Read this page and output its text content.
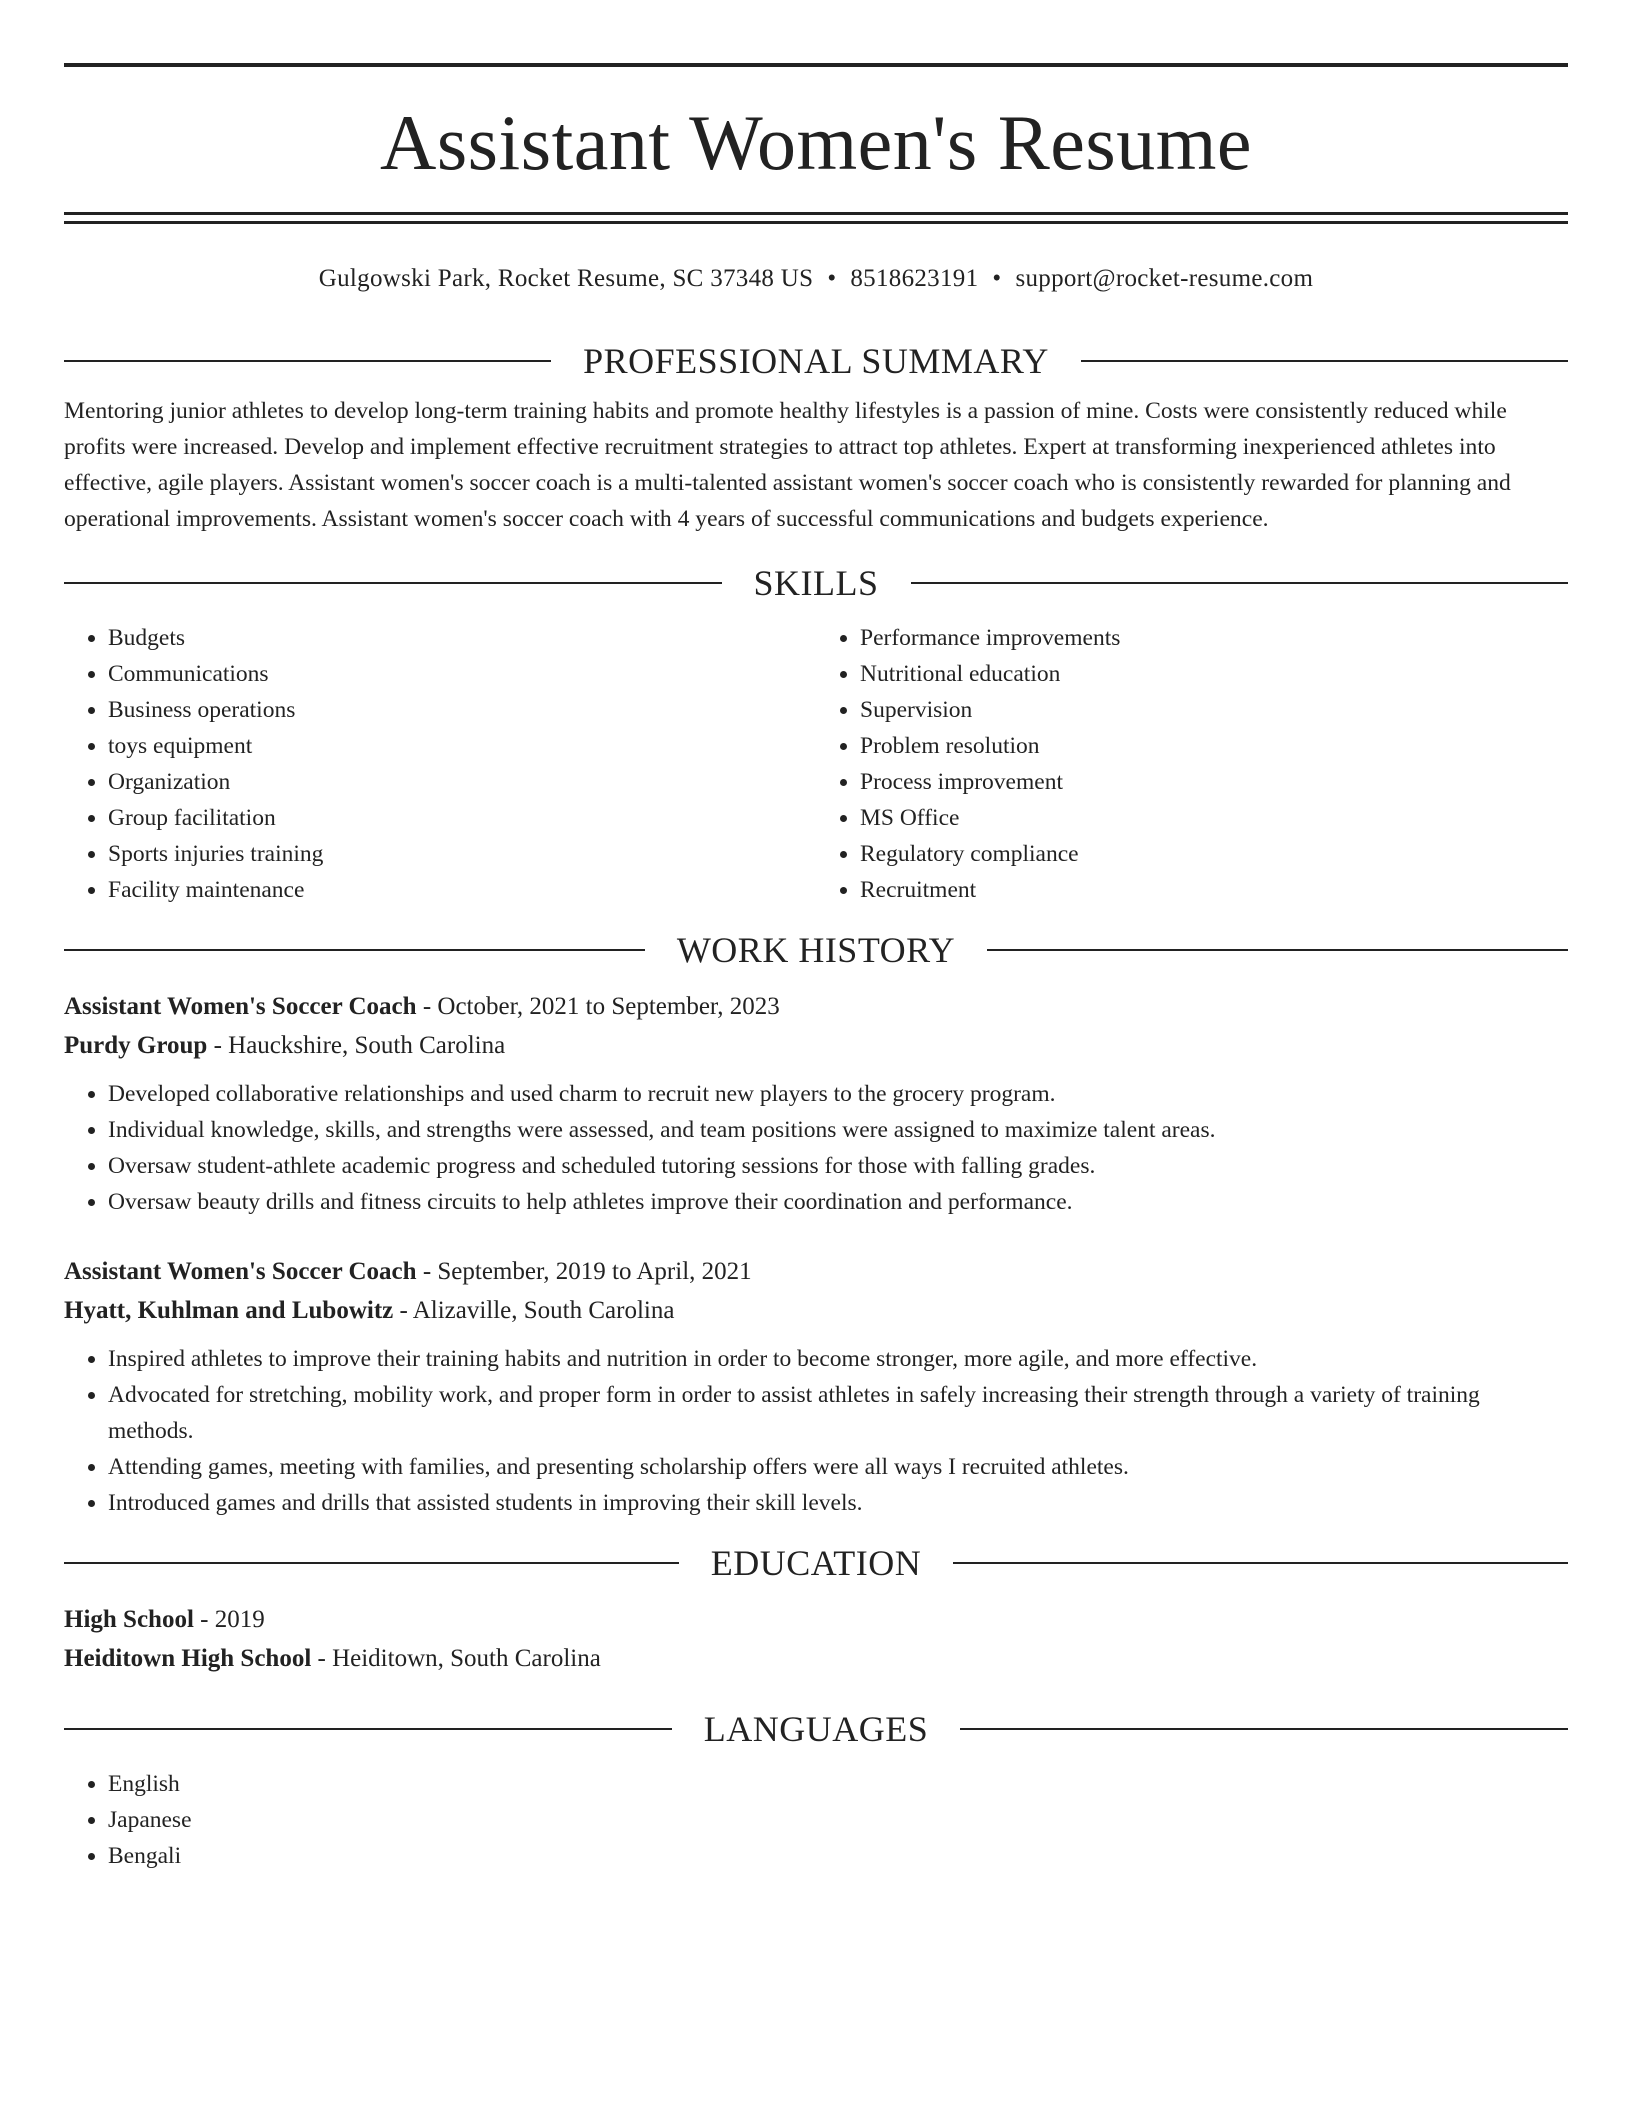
Assistant Women's Resume
Gulgowski Park, Rocket Resume, SC 37348 US • 8518623191 • support@rocket-resume.com
PROFESSIONAL SUMMARY

Mentoring junior athletes to develop long-term training habits and promote healthy lifestyles is a passion of mine. Costs were consistently reduced while profits were increased. Develop and implement effective recruitment strategies to attract top athletes. Expert at transforming inexperienced athletes into effective, agile players. Assistant women's soccer coach is a multi-talented assistant women's soccer coach who is consistently rewarded for planning and operational improvements. Assistant women's soccer coach with 4 years of successful communications and budgets experience.

SKILLS
• Budgets
• Communications
• Business operations
• toys equipment
• Organization
• Group facilitation
• Sports injuries training
• Facility maintenance
• Performance improvements
• Nutritional education
• Supervision
• Problem resolution
• Process improvement
• MS Office
• Regulatory compliance
• Recruitment
WORK HISTORY
Assistant Women's Soccer Coach - October, 2021 to September, 2023
Purdy Group - Hauckshire, South Carolina
• Developed collaborative relationships and used charm to recruit new players to the grocery program.
• Individual knowledge, skills, and strengths were assessed, and team positions were assigned to maximize talent areas.
• Oversaw student-athlete academic progress and scheduled tutoring sessions for those with falling grades.
• Oversaw beauty drills and fitness circuits to help athletes improve their coordination and performance.
Assistant Women's Soccer Coach - September, 2019 to April, 2021
Hyatt, Kuhlman and Lubowitz - Alizaville, South Carolina
• Inspired athletes to improve their training habits and nutrition in order to become stronger, more agile, and more effective.
• Advocated for stretching, mobility work, and proper form in order to assist athletes in safely increasing their strength through a variety of training methods.
• Attending games, meeting with families, and presenting scholarship offers were all ways I recruited athletes.
• Introduced games and drills that assisted students in improving their skill levels.
EDUCATION
High School - 2019
Heiditown High School - Heiditown, South Carolina
LANGUAGES
• English
• Japanese
• Bengali
